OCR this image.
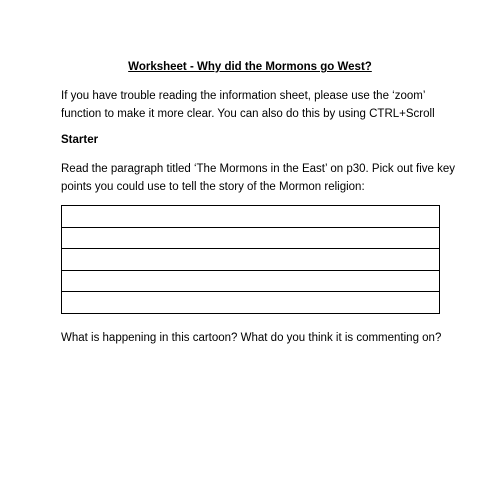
Worksheet - Why did the Mormons go West?

If you have trouble reading the information sheet, please use the ‘zoom’
function to make it more clear. You can also do this by using CTRL+Scroll

Starter

Read the paragraph titled ‘The Mormons in the East’ on p30. Pick out five key
points you could use to tell the story of the Mormon religion:

What is happening in this cartoon? What do you think it is commenting on?
